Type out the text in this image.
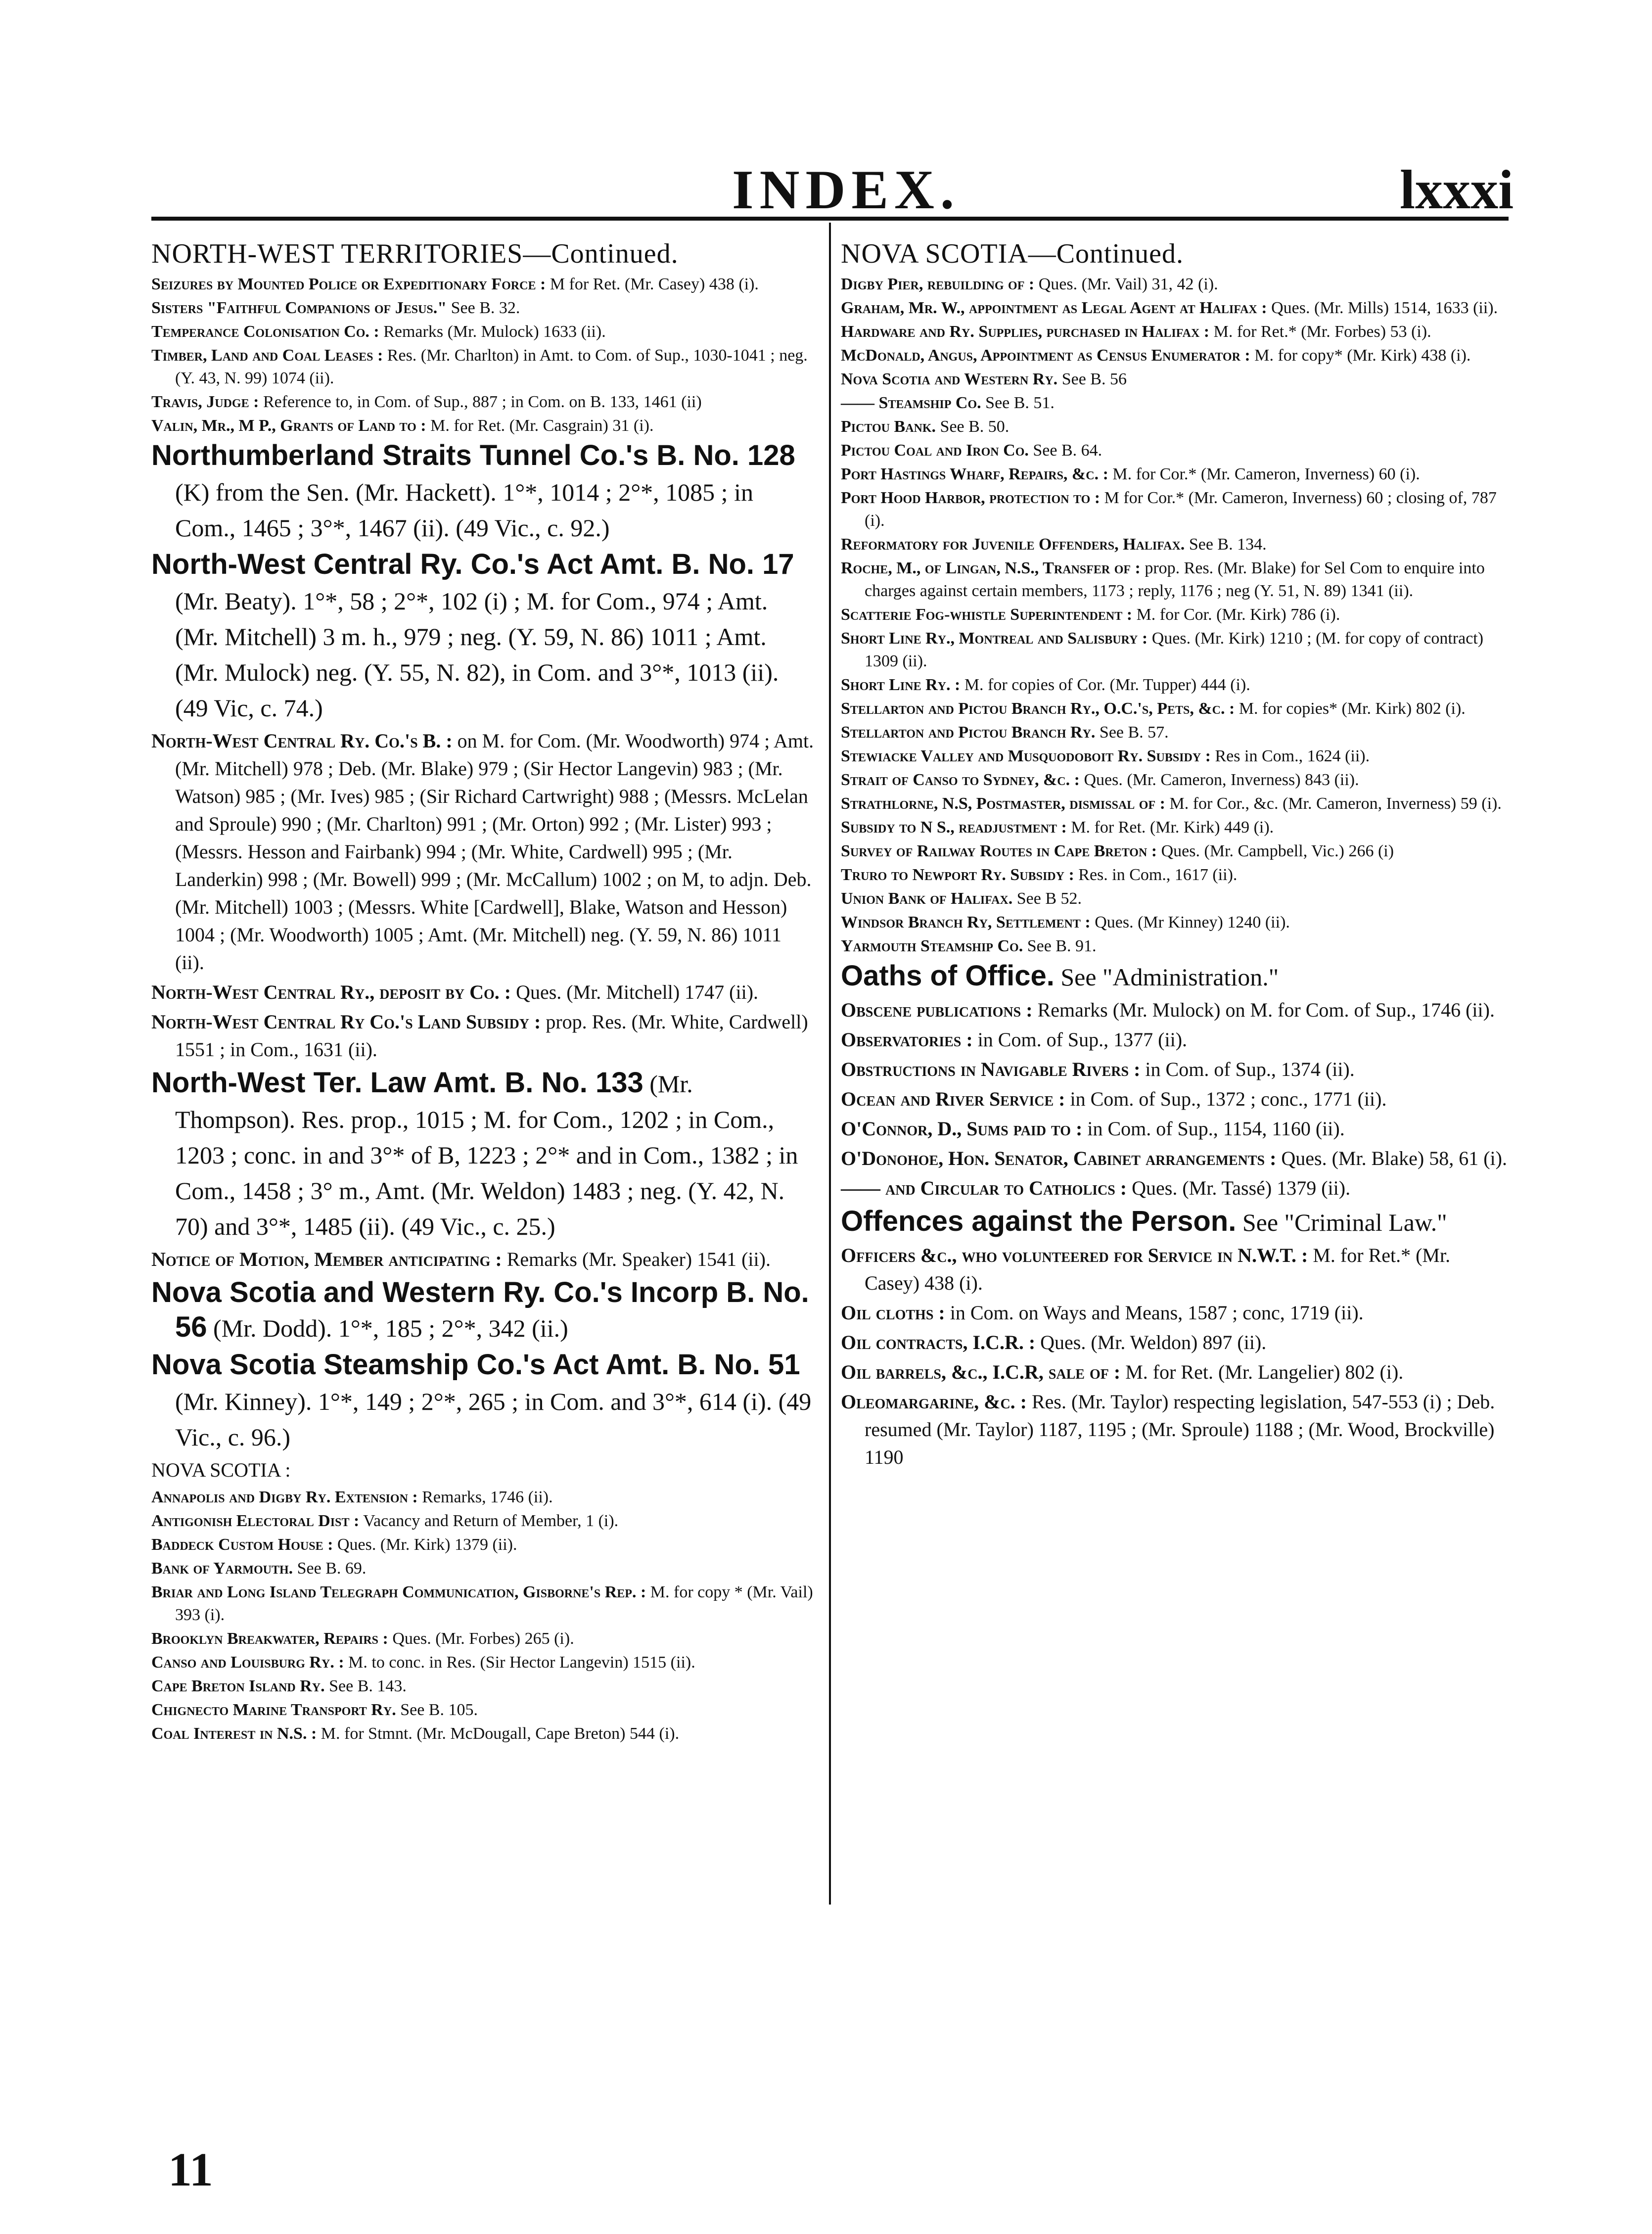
INDEX.	lxxxi

NORTH-WEST TERRITORIES—Continued.

Seizures by Mounted Police or Expeditionary Force : M for Ret. (Mr. Casey) 438 (i).

Sisters "Faithful Companions of Jesus." See B. 32.

Temperance Colonisation Co. : Remarks (Mr. Mulock) 1633 (ii).

Timber, Land and Coal Leases : Res. (Mr. Charlton) in Amt. to Com. of Sup., 1030-1041 ; neg. (Y. 43, N. 99) 1074 (ii).

Travis, Judge : Reference to, in Com. of Sup., 887 ; in Com. on B. 133, 1461 (ii)

Valin, Mr., M P., Grants of Land to : M. for Ret. (Mr. Casgrain) 31 (i).

Northumberland Straits Tunnel Co.'s B. No. 128 (K) from the Sen. (Mr. Hackett). 1°*, 1014 ; 2°*, 1085 ; in Com., 1465 ; 3°*, 1467 (ii). (49 Vic., c. 92.)

North-West Central Ry. Co.'s Act Amt. B. No. 17 (Mr. Beaty). 1°*, 58 ; 2°*, 102 (i) ; M. for Com., 974 ; Amt. (Mr. Mitchell) 3 m. h., 979 ; neg. (Y. 59, N. 86) 1011 ; Amt. (Mr. Mulock) neg. (Y. 55, N. 82), in Com. and 3°*, 1013 (ii). (49 Vic, c. 74.)

North-West Central Ry. Co.'s B. : on M. for Com. (Mr. Woodworth) 974 ; Amt. (Mr. Mitchell) 978 ; Deb. (Mr. Blake) 979 ; (Sir Hector Langevin) 983 ; (Mr. Watson) 985 ; (Mr. Ives) 985 ; (Sir Richard Cartwright) 988 ; (Messrs. McLelan and Sproule) 990 ; (Mr. Charlton) 991 ; (Mr. Orton) 992 ; (Mr. Lister) 993 ; (Messrs. Hesson and Fairbank) 994 ; (Mr. White, Cardwell) 995 ; (Mr. Landerkin) 998 ; (Mr. Bowell) 999 ; (Mr. McCallum) 1002 ; on M, to adjn. Deb. (Mr. Mitchell) 1003 ; (Messrs. White [Cardwell], Blake, Watson and Hesson) 1004 ; (Mr. Woodworth) 1005 ; Amt. (Mr. Mitchell) neg. (Y. 59, N. 86) 1011 (ii).

North-West Central Ry., deposit by Co. : Ques. (Mr. Mitchell) 1747 (ii).

North-West Central Ry Co.'s Land Subsidy : prop. Res. (Mr. White, Cardwell) 1551 ; in Com., 1631 (ii).

North-West Ter. Law Amt. B. No. 133 (Mr. Thompson). Res. prop., 1015 ; M. for Com., 1202 ; in Com., 1203 ; conc. in and 3°* of B, 1223 ; 2°* and in Com., 1382 ; in Com., 1458 ; 3° m., Amt. (Mr. Weldon) 1483 ; neg. (Y. 42, N. 70) and 3°*, 1485 (ii). (49 Vic., c. 25.)

Notice of Motion, Member anticipating : Remarks (Mr. Speaker) 1541 (ii).

Nova Scotia and Western Ry. Co.'s Incorp B. No. 56 (Mr. Dodd). 1°*, 185 ; 2°*, 342 (ii.)

Nova Scotia Steamship Co.'s Act Amt. B. No. 51 (Mr. Kinney). 1°*, 149 ; 2°*, 265 ; in Com. and 3°*, 614 (i). (49 Vic., c. 96.)

NOVA SCOTIA :

Annapolis and Digby Ry. Extension : Remarks, 1746 (ii).

Antigonish Electoral Dist : Vacancy and Return of Member, 1 (i).

Baddeck Custom House : Ques. (Mr. Kirk) 1379 (ii).

Bank of Yarmouth. See B. 69.

Briar and Long Island Telegraph Communication, Gisborne's Rep. : M. for copy * (Mr. Vail) 393 (i).

Brooklyn Breakwater, Repairs : Ques. (Mr. Forbes) 265 (i).

Canso and Louisburg Ry. : M. to conc. in Res. (Sir Hector Langevin) 1515 (ii).

Cape Breton Island Ry. See B. 143.

Chignecto Marine Transport Ry. See B. 105.

Coal Interest in N.S. : M. for Stmnt. (Mr. McDougall, Cape Breton) 544 (i).

NOVA SCOTIA—Continued.

Digby Pier, rebuilding of : Ques. (Mr. Vail) 31, 42 (i).

Graham, Mr. W., appointment as Legal Agent at Halifax : Ques. (Mr. Mills) 1514, 1633 (ii).

Hardware and Ry. Supplies, purchased in Halifax : M. for Ret.* (Mr. Forbes) 53 (i).

McDonald, Angus, Appointment as Census Enumerator : M. for copy* (Mr. Kirk) 438 (i).

Nova Scotia and Western Ry. See B. 56

—— Steamship Co. See B. 51.

Pictou Bank. See B. 50.

Pictou Coal and Iron Co. See B. 64.

Port Hastings Wharf, Repairs, &c. : M. for Cor.* (Mr. Cameron, Inverness) 60 (i).

Port Hood Harbor, protection to : M for Cor.* (Mr. Cameron, Inverness) 60 ; closing of, 787 (i).

Reformatory for Juvenile Offenders, Halifax. See B. 134.

Roche, M., of Lingan, N.S., Transfer of : prop. Res. (Mr. Blake) for Sel Com to enquire into charges against certain members, 1173 ; reply, 1176 ; neg (Y. 51, N. 89) 1341 (ii).

Scatterie Fog-whistle Superintendent : M. for Cor. (Mr. Kirk) 786 (i).

Short Line Ry., Montreal and Salisbury : Ques. (Mr. Kirk) 1210 ; (M. for copy of contract) 1309 (ii).

Short Line Ry. : M. for copies of Cor. (Mr. Tupper) 444 (i).

Stellarton and Pictou Branch Ry., O.C.'s, Pets, &c. : M. for copies* (Mr. Kirk) 802 (i).

Stellarton and Pictou Branch Ry. See B. 57.

Stewiacke Valley and Musquodoboit Ry. Subsidy : Res in Com., 1624 (ii).

Strait of Canso to Sydney, &c. : Ques. (Mr. Cameron, Inverness) 843 (ii).

Strathlorne, N.S, Postmaster, dismissal of : M. for Cor., &c. (Mr. Cameron, Inverness) 59 (i).

Subsidy to N S., readjustment : M. for Ret. (Mr. Kirk) 449 (i).

Survey of Railway Routes in Cape Breton : Ques. (Mr. Campbell, Vic.) 266 (i)

Truro to Newport Ry. Subsidy : Res. in Com., 1617 (ii).

Union Bank of Halifax. See B 52.

Windsor Branch Ry, Settlement : Ques. (Mr Kinney) 1240 (ii).

Yarmouth Steamship Co. See B. 91.

Oaths of Office. See "Administration."

Obscene publications : Remarks (Mr. Mulock) on M. for Com. of Sup., 1746 (ii).

Observatories : in Com. of Sup., 1377 (ii).

Obstructions in Navigable Rivers : in Com. of Sup., 1374 (ii).

Ocean and River Service : in Com. of Sup., 1372 ; conc., 1771 (ii).

O'Connor, D., Sums paid to : in Com. of Sup., 1154, 1160 (ii).

O'Donohoe, Hon. Senator, Cabinet arrangements : Ques. (Mr. Blake) 58, 61 (i).

—— and Circular to Catholics : Ques. (Mr. Tassé) 1379 (ii).

Offences against the Person. See "Criminal Law."

Officers &c., who volunteered for Service in N.W.T. : M. for Ret.* (Mr. Casey) 438 (i).

Oil cloths : in Com. on Ways and Means, 1587 ; conc, 1719 (ii).

Oil contracts, I.C.R. : Ques. (Mr. Weldon) 897 (ii).

Oil barrels, &c., I.C.R, sale of : M. for Ret. (Mr. Langelier) 802 (i).

Oleomargarine, &c. : Res. (Mr. Taylor) respecting legislation, 547-553 (i) ; Deb. resumed (Mr. Taylor) 1187, 1195 ; (Mr. Sproule) 1188 ; (Mr. Wood, Brockville) 1190

11
